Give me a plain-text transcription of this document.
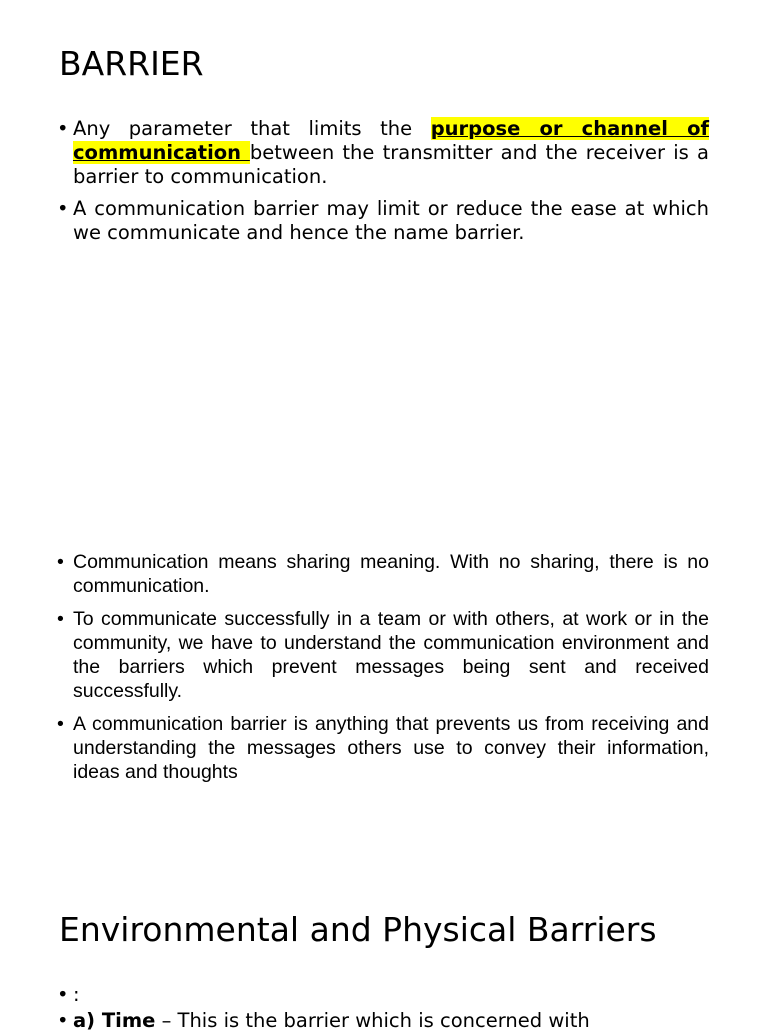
BARRIER
• Any parameter that limits the purpose or channel of communication between the transmitter and the receiver is a barrier to communication.
• A communication barrier may limit or reduce the ease at which we communicate and hence the name barrier.
• Communication means sharing meaning. With no sharing, there is no communication.
• To communicate successfully in a team or with others, at work or in the community, we have to understand the communication environment and the barriers which prevent messages being sent and received successfully.
• A communication barrier is anything that prevents us from receiving and understanding the messages others use to convey their information, ideas and thoughts
Environmental and Physical Barriers
• :
• a) Time – This is the barrier which is concerned with
